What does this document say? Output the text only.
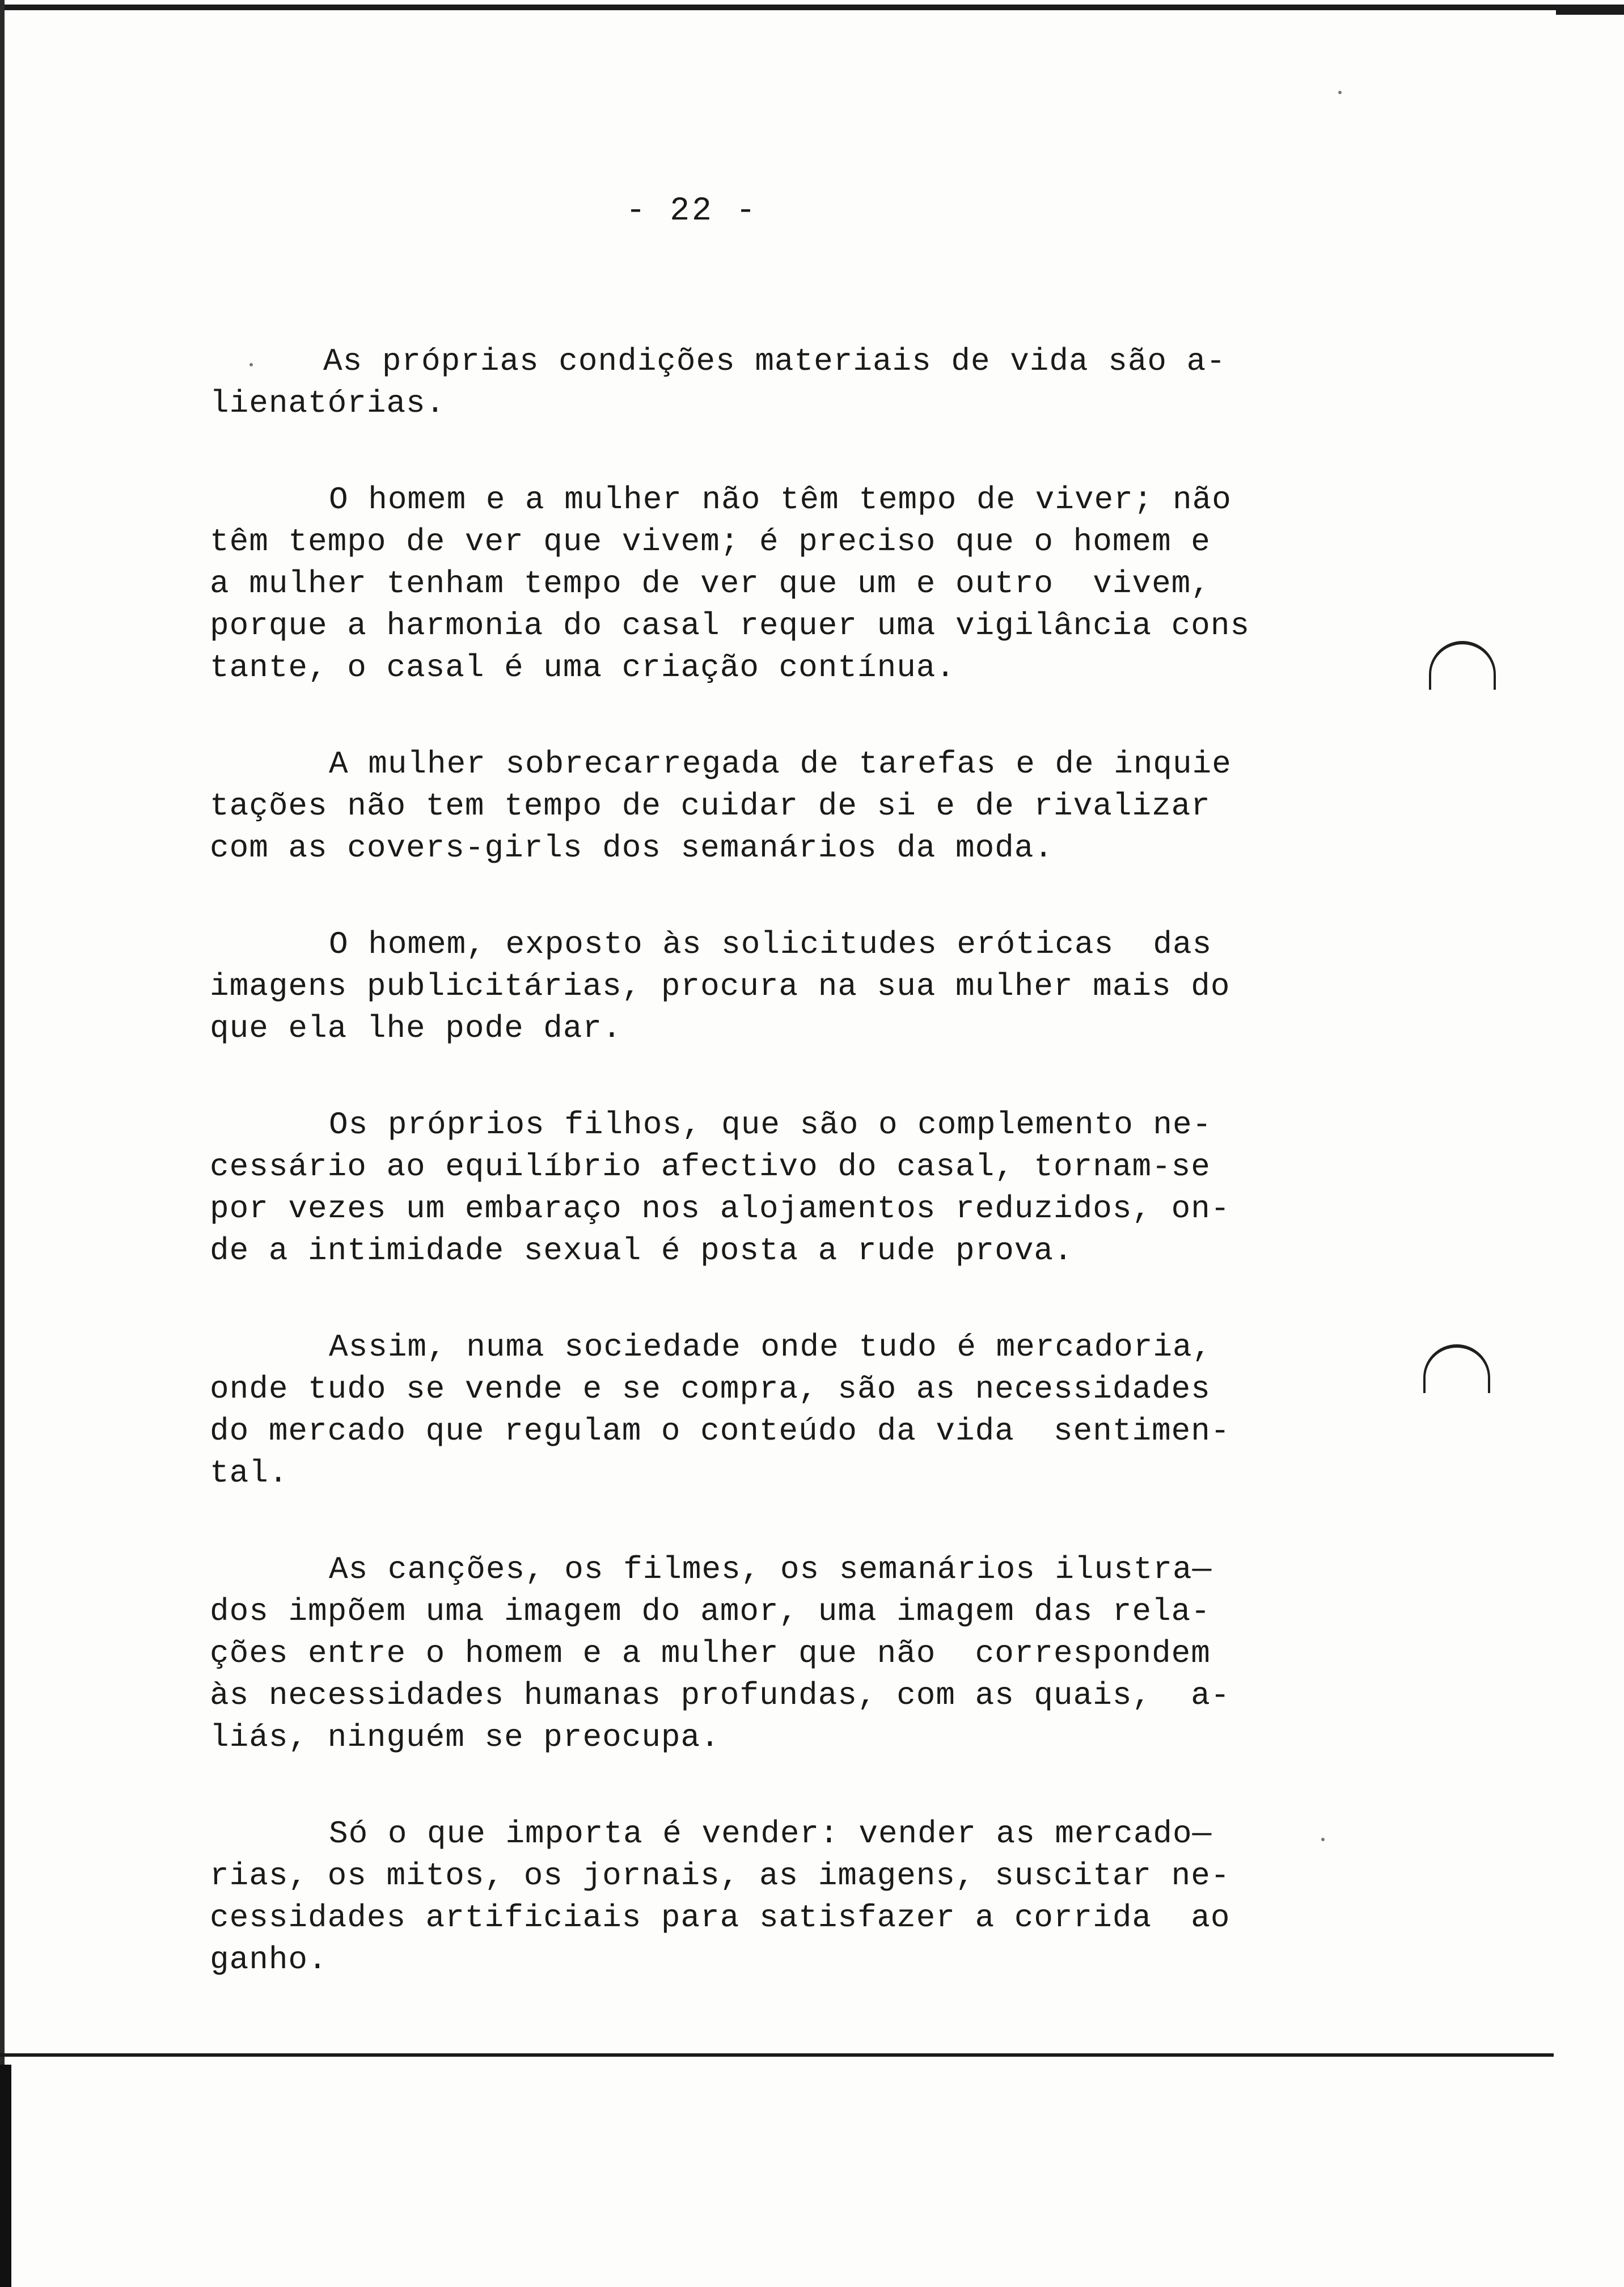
- 22 -

As próprias condições materiais de vida são a-
lienatórias.

O homem e a mulher não têm tempo de viver; não
têm tempo de ver que vivem; é preciso que o homem e
a mulher tenham tempo de ver que um e outro  vivem,
porque a harmonia do casal requer uma vigilância cons
tante, o casal é uma criação contínua.

A mulher sobrecarregada de tarefas e de inquie
tações não tem tempo de cuidar de si e de rivalizar
com as covers-girls dos semanários da moda.

O homem, exposto às solicitudes eróticas  das
imagens publicitárias, procura na sua mulher mais do
que ela lhe pode dar.

Os próprios filhos, que são o complemento ne-
cessário ao equilíbrio afectivo do casal, tornam-se
por vezes um embaraço nos alojamentos reduzidos, on-
de a intimidade sexual é posta a rude prova.

Assim, numa sociedade onde tudo é mercadoria,
onde tudo se vende e se compra, são as necessidades
do mercado que regulam o conteúdo da vida  sentimen-
tal.

As canções, os filmes, os semanários ilustra—
dos impõem uma imagem do amor, uma imagem das rela-
ções entre o homem e a mulher que não  correspondem
às necessidades humanas profundas, com as quais,  a-
liás, ninguém se preocupa.

Só o que importa é vender: vender as mercado—
rias, os mitos, os jornais, as imagens, suscitar ne-
cessidades artificiais para satisfazer a corrida  ao
ganho.
